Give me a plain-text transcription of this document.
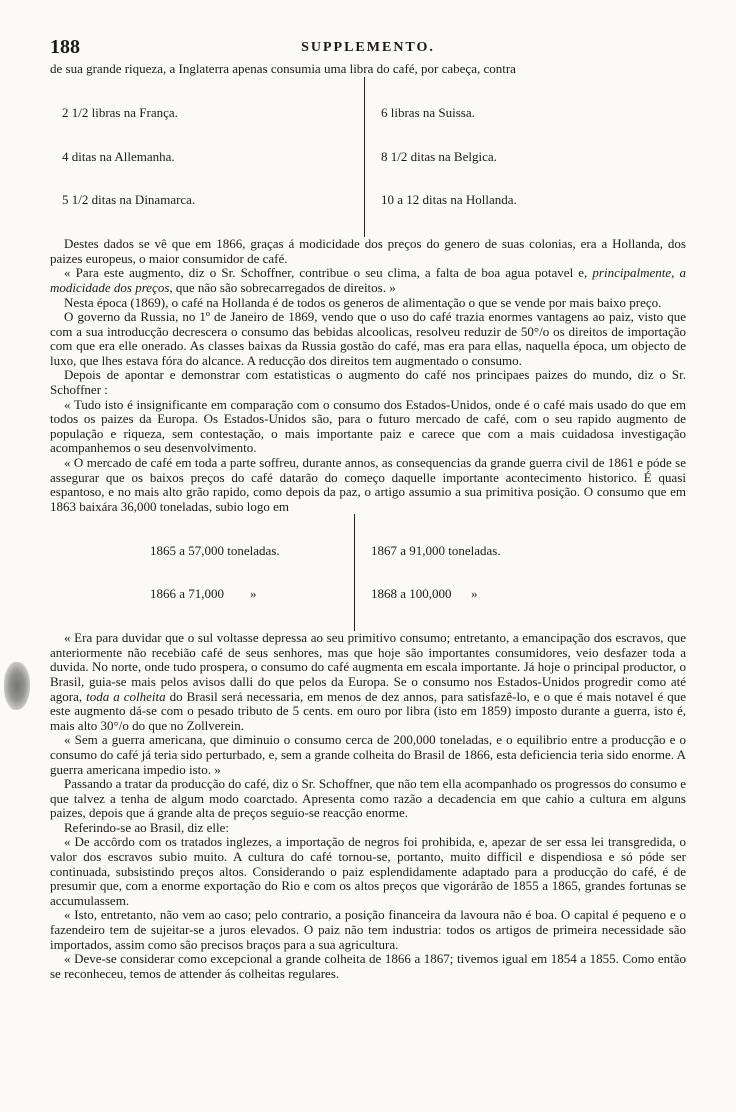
188	SUPPLEMENTO.

de sua grande riqueza, a Inglaterra apenas consumia uma libra do café, por cabeça, contra

2 1/2 libras na França.

4 ditas na Allemanha.

5 1/2 ditas na Dinamarca.

6 libras na Suissa.

8 1/2 ditas na Belgica.

10 a 12 ditas na Hollanda.

Destes dados se vê que em 1866, graças á modicidade dos preços do genero de suas colonias, era a Hollanda, dos paizes europeus, o maior consumidor de café.

« Para este augmento, diz o Sr. Schoffner, contribue o seu clima, a falta de boa agua potavel e, principalmente, a modicidade dos preços, que não são sobrecarregados de direitos. »

Nesta época (1869), o café na Hollanda é de todos os generos de alimentação o que se vende por mais baixo preço.

O governo da Russia, no 1º de Janeiro de 1869, vendo que o uso do café trazia enormes vantagens ao paiz, visto que com a sua introducção decrescera o consumo das bebidas alcoolicas, resolveu reduzir de 50°/o os direitos de importação com que era elle onerado. As classes baixas da Russia gostão do café, mas era para ellas, naquella época, um objecto de luxo, que lhes estava fóra do alcance. A reducção dos direitos tem augmentado o consumo.

Depois de apontar e demonstrar com estatisticas o augmento do café nos principaes paizes do mundo, diz o Sr. Schoffner :

« Tudo isto é insignificante em comparação com o consumo dos Estados-Unidos, onde é o café mais usado do que em todos os paizes da Europa. Os Estados-Unidos são, para o futuro mercado de café, com o seu rapido augmento de população e riqueza, sem contestação, o mais importante paiz e carece que com a mais cuidadosa investigação acompanhemos o seu desenvolvimento.

« O mercado de café em toda a parte soffreu, durante annos, as consequencias da grande guerra civil de 1861 e póde se assegurar que os baixos preços do café datarão do começo daquelle importante acontecimento historico. É quasi espantoso, e no mais alto grão rapido, como depois da paz, o artigo assumio a sua primitiva posição. O consumo que em 1863 baixára 36,000 toneladas, subio logo em

1865 a 57,000 toneladas.

1866 a 71,000        »

1867 a 91,000 toneladas.

1868 a 100,000      »

« Era para duvidar que o sul voltasse depressa ao seu primitivo consumo; entretanto, a emancipação dos escravos, que anteriormente não recebião café de seus senhores, mas que hoje são importantes consumidores, veio desfazer toda a duvida. No norte, onde tudo prospera, o consumo do café augmenta em escala importante. Já hoje o principal productor, o Brasil, guia-se mais pelos avisos dalli do que pelos da Europa. Se o consumo nos Estados-Unidos progredir como até agora, toda a colheita do Brasil será necessaria, em menos de dez annos, para satisfazê-lo, e o que é mais notavel é que este augmento dá-se com o pesado tributo de 5 cents. em ouro por libra (isto em 1859) imposto durante a guerra, isto é, mais alto 30°/o do que no Zollverein.

« Sem a guerra americana, que diminuio o consumo cerca de 200,000 toneladas, e o equilibrio entre a producção e o consumo do café já teria sido perturbado, e, sem a grande colheita do Brasil de 1866, esta deficiencia teria sido enorme. A guerra americana impedio isto. »

Passando a tratar da producção do café, diz o Sr. Schoffner, que não tem ella acompanhado os progressos do consumo e que talvez a tenha de algum modo coarctado. Apresenta como razão a decadencia em que cahio a cultura em alguns paizes, depois que á grande alta de preços seguio-se reacção enorme.

Referindo-se ao Brasil, diz elle:

« De accôrdo com os tratados inglezes, a importação de negros foi prohibida, e, apezar de ser essa lei transgredida, o valor dos escravos subio muito. A cultura do café tornou-se, portanto, muito difficil e dispendiosa e só póde ser continuada, subsistindo preços altos. Considerando o paiz esplendidamente adaptado para a producção do café, é de presumir que, com a enorme exportação do Rio e com os altos preços que vigorárão de 1855 a 1865, grandes fortunas se accumulassem.

« Isto, entretanto, não vem ao caso; pelo contrario, a posição financeira da lavoura não é boa. O capital é pequeno e o fazendeiro tem de sujeitar-se a juros elevados. O paiz não tem industria: todos os artigos de primeira necessidade são importados, assim como são precisos braços para a sua agricultura.

« Deve-se considerar como excepcional a grande colheita de 1866 a 1867; tivemos igual em 1854 a 1855. Como então se reconheceu, temos de attender ás colheitas regulares.
